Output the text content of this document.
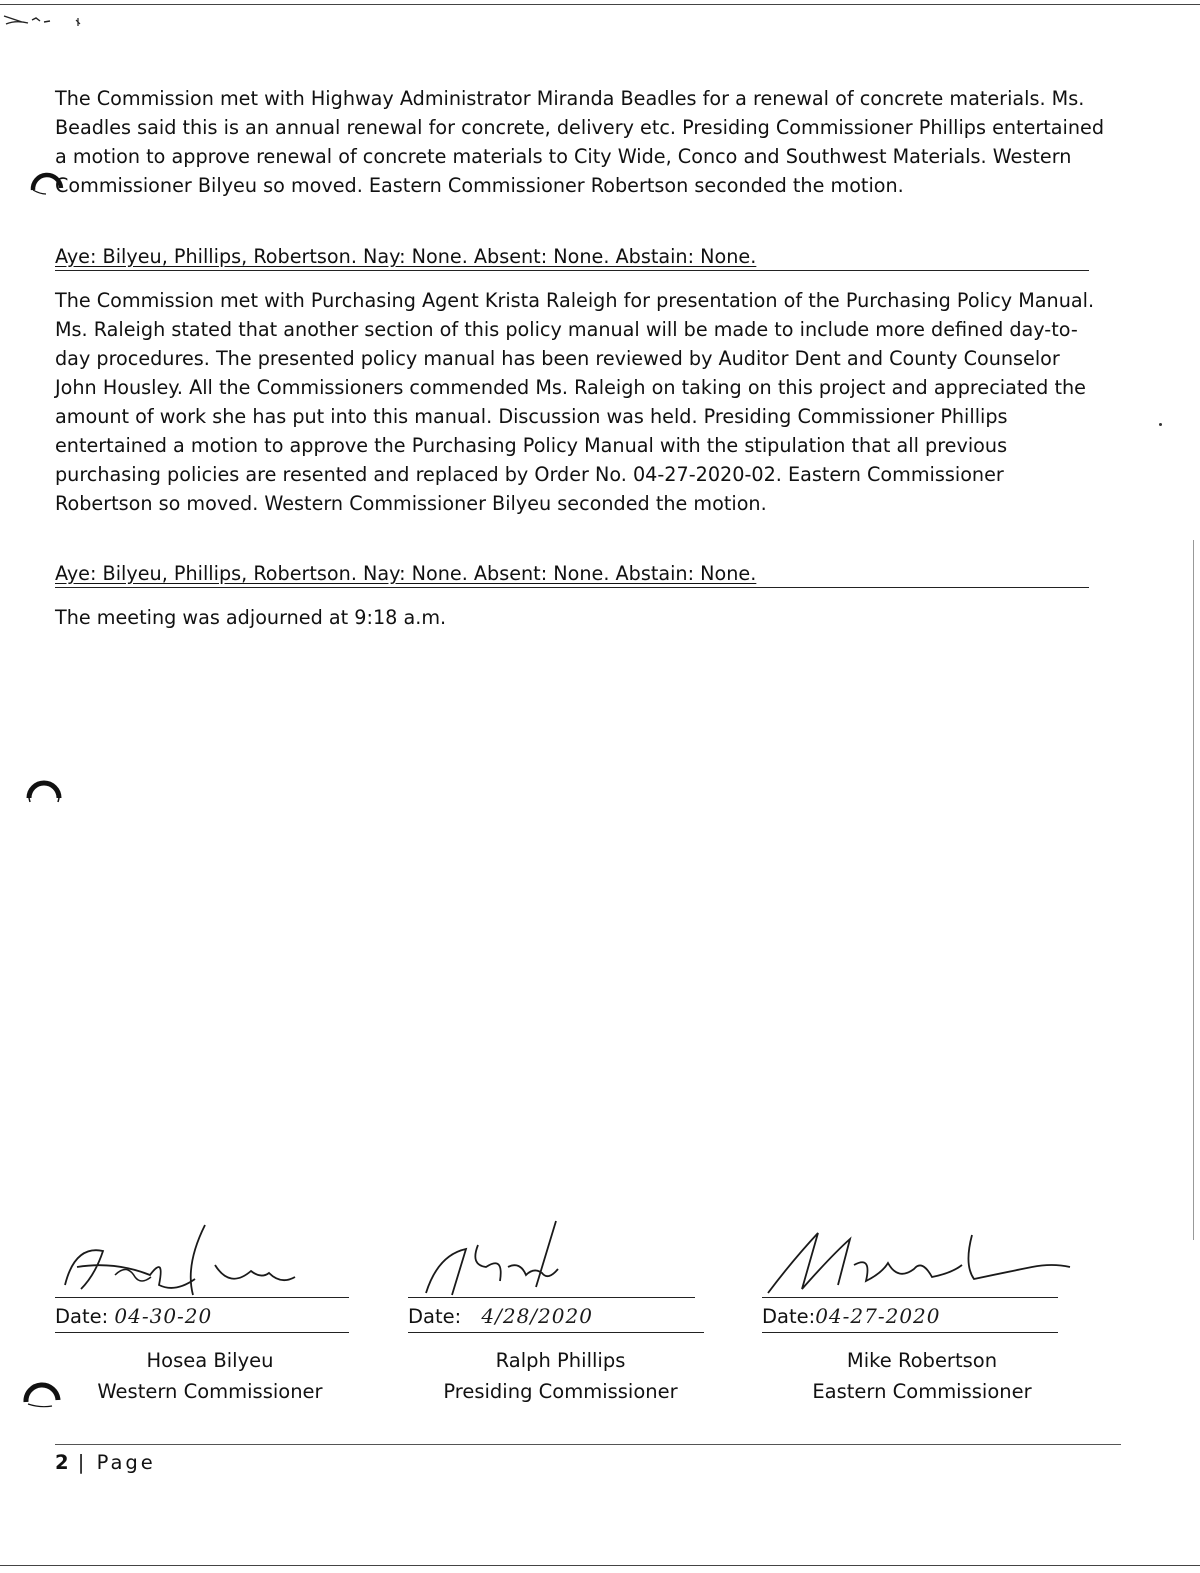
The Commission met with Highway Administrator Miranda Beadles for a renewal of concrete materials. Ms. Beadles said this is an annual renewal for concrete, delivery etc. Presiding Commissioner Phillips entertained a motion to approve renewal of concrete materials to City Wide, Conco and Southwest Materials. Western Commissioner Bilyeu so moved. Eastern Commissioner Robertson seconded the motion.

Aye: Bilyeu, Phillips, Robertson. Nay: None. Absent: None. Abstain: None.

The Commission met with Purchasing Agent Krista Raleigh for presentation of the Purchasing Policy Manual. Ms. Raleigh stated that another section of this policy manual will be made to include more defined day-to-day procedures. The presented policy manual has been reviewed by Auditor Dent and County Counselor John Housley. All the Commissioners commended Ms. Raleigh on taking on this project and appreciated the amount of work she has put into this manual. Discussion was held. Presiding Commissioner Phillips entertained a motion to approve the Purchasing Policy Manual with the stipulation that all previous purchasing policies are resented and replaced by Order No. 04-27-2020-02. Eastern Commissioner Robertson so moved. Western Commissioner Bilyeu seconded the motion.

Aye: Bilyeu, Phillips, Robertson. Nay: None. Absent: None. Abstain: None.

The meeting was adjourned at 9:18 a.m.

Date: 04-30-20
Hosea Bilyeu
Western Commissioner
Date: 4/28/2020
Ralph Phillips
Presiding Commissioner
Date:04-27-2020
Mike Robertson
Eastern Commissioner
2 | Page
